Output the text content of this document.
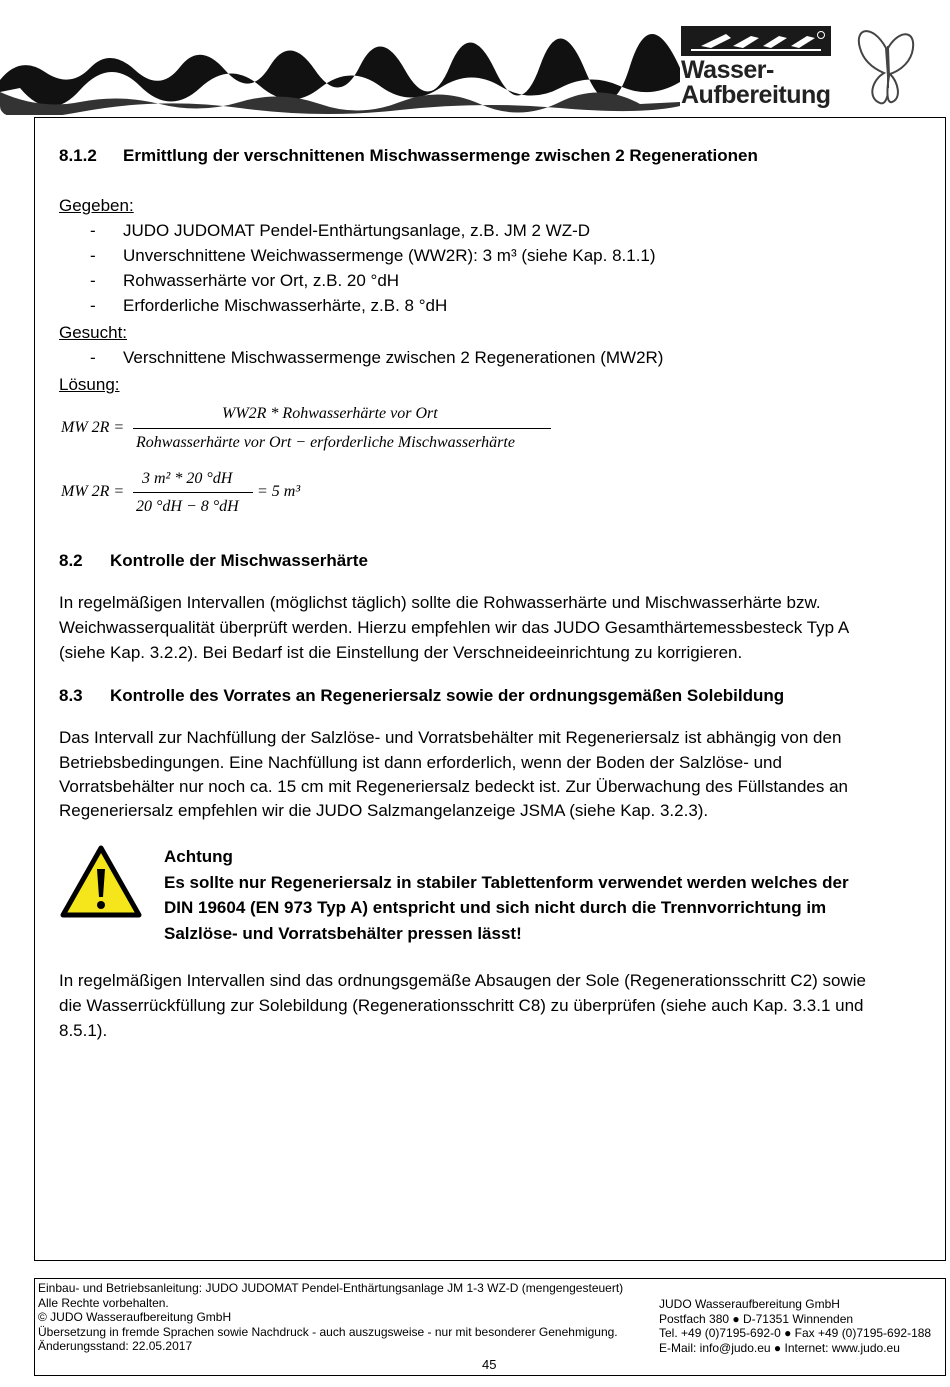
Wasser-
Aufbereitung
8.1.2 Ermittlung der verschnittenen Mischwassermenge zwischen 2 Regenerationen
Gegeben:
- JUDO JUDOMAT Pendel-Enthärtungsanlage, z.B. JM 2 WZ-D
- Unverschnittene Weichwassermenge (WW2R): 3 m³ (siehe Kap. 8.1.1)
- Rohwasserhärte vor Ort, z.B. 20 °dH
- Erforderliche Mischwasserhärte, z.B. 8 °dH
Gesucht:
- Verschnittene Mischwassermenge zwischen 2 Regenerationen (MW2R)
Lösung:
MW 2R =
WW2R * Rohwasserhärte vor Ort
Rohwasserhärte vor Ort − erforderliche Mischwasserhärte
MW 2R =
3 m² * 20 °dH
20 °dH − 8 °dH
= 5 m³
8.2 Kontrolle der Mischwasserhärte
In regelmäßigen Intervallen (möglichst täglich) sollte die Rohwasserhärte und Mischwasserhärte bzw.
Weichwasserqualität überprüft werden. Hierzu empfehlen wir das JUDO Gesamthärtemessbesteck Typ A
(siehe Kap. 3.2.2). Bei Bedarf ist die Einstellung der Verschneideeinrichtung zu korrigieren.
8.3 Kontrolle des Vorrates an Regeneriersalz sowie der ordnungsgemäßen Solebildung
Das Intervall zur Nachfüllung der Salzlöse- und Vorratsbehälter mit Regeneriersalz ist abhängig von den
Betriebsbedingungen. Eine Nachfüllung ist dann erforderlich, wenn der Boden der Salzlöse- und
Vorratsbehälter nur noch ca. 15 cm mit Regeneriersalz bedeckt ist. Zur Überwachung des Füllstandes an
Regeneriersalz empfehlen wir die JUDO Salzmangelanzeige JSMA (siehe Kap. 3.2.3).
Achtung
Es sollte nur Regeneriersalz in stabiler Tablettenform verwendet werden welches der
DIN 19604 (EN 973 Typ A) entspricht und sich nicht durch die Trennvorrichtung im
Salzlöse- und Vorratsbehälter pressen lässt!
In regelmäßigen Intervallen sind das ordnungsgemäße Absaugen der Sole (Regenerationsschritt C2) sowie
die Wasserrückfüllung zur Solebildung (Regenerationsschritt C8) zu überprüfen (siehe auch Kap. 3.3.1 und
8.5.1).
Einbau- und Betriebsanleitung: JUDO JUDOMAT Pendel-Enthärtungsanlage JM 1-3 WZ-D (mengengesteuert)
Alle Rechte vorbehalten.
© JUDO Wasseraufbereitung GmbH
Übersetzung in fremde Sprachen sowie Nachdruck - auch auszugsweise - nur mit besonderer Genehmigung.
Änderungsstand: 22.05.2017
JUDO Wasseraufbereitung GmbH
Postfach 380 ● D-71351 Winnenden
Tel. +49 (0)7195-692-0 ● Fax +49 (0)7195-692-188
E-Mail: info@judo.eu ● Internet: www.judo.eu
45
